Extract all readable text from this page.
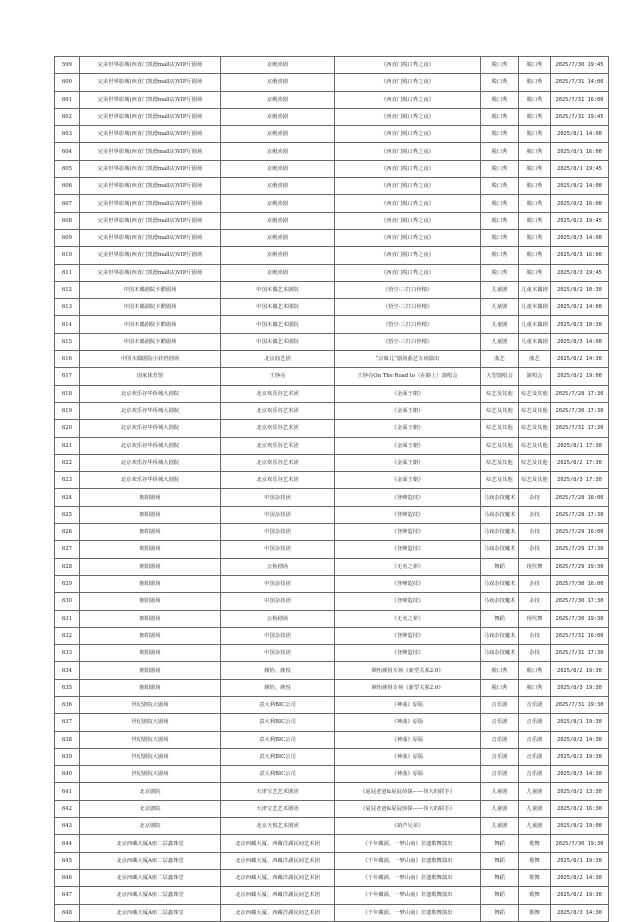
599	完美世界影城(西直门凯德mall店)VIP厅剧场	京殿喜剧	《西直门脱口秀之夜》	脱口秀	脱口秀	2025/7/30 19:45
600	完美世界影城(西直门凯德mall店)VIP厅剧场	京殿喜剧	《西直门脱口秀之夜》	脱口秀	脱口秀	2025/7/31 14:00
601	完美世界影城(西直门凯德mall店)VIP厅剧场	京殿喜剧	《西直门脱口秀之夜》	脱口秀	脱口秀	2025/7/31 16:00
602	完美世界影城(西直门凯德mall店)VIP厅剧场	京殿喜剧	《西直门脱口秀之夜》	脱口秀	脱口秀	2025/7/31 19:45
603	完美世界影城(西直门凯德mall店)VIP厅剧场	京殿喜剧	《西直门脱口秀之夜》	脱口秀	脱口秀	2025/8/1 14:00
604	完美世界影城(西直门凯德mall店)VIP厅剧场	京殿喜剧	《西直门脱口秀之夜》	脱口秀	脱口秀	2025/8/1 16:00
605	完美世界影城(西直门凯德mall店)VIP厅剧场	京殿喜剧	《西直门脱口秀之夜》	脱口秀	脱口秀	2025/8/1 19:45
606	完美世界影城(西直门凯德mall店)VIP厅剧场	京殿喜剧	《西直门脱口秀之夜》	脱口秀	脱口秀	2025/8/2 14:00
607	完美世界影城(西直门凯德mall店)VIP厅剧场	京殿喜剧	《西直门脱口秀之夜》	脱口秀	脱口秀	2025/8/2 16:00
608	完美世界影城(西直门凯德mall店)VIP厅剧场	京殿喜剧	《西直门脱口秀之夜》	脱口秀	脱口秀	2025/8/2 19:45
609	完美世界影城(西直门凯德mall店)VIP厅剧场	京殿喜剧	《西直门脱口秀之夜》	脱口秀	脱口秀	2025/8/3 14:00
610	完美世界影城(西直门凯德mall店)VIP厅剧场	京殿喜剧	《西直门脱口秀之夜》	脱口秀	脱口秀	2025/8/3 16:00
611	完美世界影城(西直门凯德mall店)VIP厅剧场	京殿喜剧	《西直门脱口秀之夜》	脱口秀	脱口秀	2025/8/3 19:45
612	中国木偶剧院卡酷剧场	中国木偶艺术剧院	《悟空·三打白骨精》	儿童剧	儿童木偶剧	2025/8/2 10:30
613	中国木偶剧院卡酷剧场	中国木偶艺术剧院	《悟空·三打白骨精》	儿童剧	儿童木偶剧	2025/8/2 14:00
614	中国木偶剧院卡酷剧场	中国木偶艺术剧院	《悟空·三打白骨精》	儿童剧	儿童木偶剧	2025/8/3 10:30
615	中国木偶剧院卡酷剧场	中国木偶艺术剧院	《悟空·三打白骨精》	儿童剧	儿童木偶剧	2025/8/3 14:00
616	中国木偶剧院小铃铛剧场	北京曲艺团	“京味儿”剧场曲艺专场演出	曲艺	曲艺	2025/8/2 14:30
617	国家体育馆	王铮亮	王铮亮On The Road to（在路上）演唱会	大型演唱会	演唱会	2025/8/2 19:00
618	北京欢乐谷华侨城大剧院	北京欢乐谷艺术团	《金面王朝》	综艺及其他	综艺及其他	2025/7/28 17:30
619	北京欢乐谷华侨城大剧院	北京欢乐谷艺术团	《金面王朝》	综艺及其他	综艺及其他	2025/7/30 17:30
620	北京欢乐谷华侨城大剧院	北京欢乐谷艺术团	《金面王朝》	综艺及其他	综艺及其他	2025/7/31 17:30
621	北京欢乐谷华侨城大剧院	北京欢乐谷艺术团	《金面王朝》	综艺及其他	综艺及其他	2025/8/1 17:30
622	北京欢乐谷华侨城大剧院	北京欢乐谷艺术团	《金面王朝》	综艺及其他	综艺及其他	2025/8/2 17:30
623	北京欢乐谷华侨城大剧院	北京欢乐谷艺术团	《金面王朝》	综艺及其他	综艺及其他	2025/8/3 17:30
624	朝阳剧场	中国杂技团	《登峰造技》	马戏杂技魔术	杂技	2025/7/28 16:00
625	朝阳剧场	中国杂技团	《登峰造技》	马戏杂技魔术	杂技	2025/7/28 17:30
626	朝阳剧场	中国杂技团	《登峰造技》	马戏杂技魔术	杂技	2025/7/29 16:00
627	朝阳剧场	中国杂技团	《登峰造技》	马戏杂技魔术	杂技	2025/7/29 17:30
628	朝阳剧场	公狗剧场	《无名之辈》	舞蹈	现代舞	2025/7/29 19:30
629	朝阳剧场	中国杂技团	《登峰造技》	马戏杂技魔术	杂技	2025/7/30 16:00
630	朝阳剧场	中国杂技团	《登峰造技》	马戏杂技魔术	杂技	2025/7/30 17:30
631	朝阳剧场	公狗剧场	《无名之辈》	舞蹈	现代舞	2025/7/30 19:30
632	朝阳剧场	中国杂技团	《登峰造技》	马戏杂技魔术	杂技	2025/7/31 16:00
633	朝阳剧场	中国杂技团	《登峰造技》	马戏杂技魔术	杂技	2025/7/31 17:30
634	朝阳剧场	颜怡、颜悦	颜怡颜悦专场《新型关系2.0》	脱口秀	脱口秀	2025/8/2 19:30
635	朝阳剧场	颜怡、颜悦	颜怡颜悦专场《新型关系2.0》	脱口秀	脱口秀	2025/8/3 19:30
636	世纪剧院大剧场	意大利BIC公司	《神曲》原版	音乐剧	音乐剧	2025/7/31 19:30
637	世纪剧院大剧场	意大利BIC公司	《神曲》原版	音乐剧	音乐剧	2025/8/1 19:30
638	世纪剧院大剧场	意大利BIC公司	《神曲》原版	音乐剧	音乐剧	2025/8/2 14:30
639	世纪剧院大剧场	意大利BIC公司	《神曲》原版	音乐剧	音乐剧	2025/8/2 19:30
640	世纪剧院大剧场	意大利BIC公司	《神曲》原版	音乐剧	音乐剧	2025/8/3 14:30
641	北京剧院	天津宝艺艺术剧团	《屁屁老爸&屁屁侦探——伟大的联手》	儿童剧	儿童剧	2025/8/2 13:30
642	北京剧院	天津宝艺艺术剧团	《屁屁老爸&屁屁侦探——伟大的联手》	儿童剧	儿童剧	2025/8/2 16:30
643	北京剧院	北京天悦艺术剧团	《葫芦兄弟》	儿童剧	儿童剧	2025/8/2 19:00
644	北京西藏大厦A座二层鑫珠堂	北京西藏大厦、西藏洋湖民间艺术团	《千年藏源，一梦山南》非遗歌舞演出	舞蹈	歌舞	2025/7/30 19:30
645	北京西藏大厦A座二层鑫珠堂	北京西藏大厦、西藏洋湖民间艺术团	《千年藏源，一梦山南》非遗歌舞演出	舞蹈	歌舞	2025/8/1 19:30
646	北京西藏大厦A座二层鑫珠堂	北京西藏大厦、西藏洋湖民间艺术团	《千年藏源，一梦山南》非遗歌舞演出	舞蹈	歌舞	2025/8/2 14:30
647	北京西藏大厦A座二层鑫珠堂	北京西藏大厦、西藏洋湖民间艺术团	《千年藏源，一梦山南》非遗歌舞演出	舞蹈	歌舞	2025/8/2 19:30
648	北京西藏大厦A座二层鑫珠堂	北京西藏大厦、西藏洋湖民间艺术团	《千年藏源，一梦山南》非遗歌舞演出	舞蹈	歌舞	2025/8/3 14:30
